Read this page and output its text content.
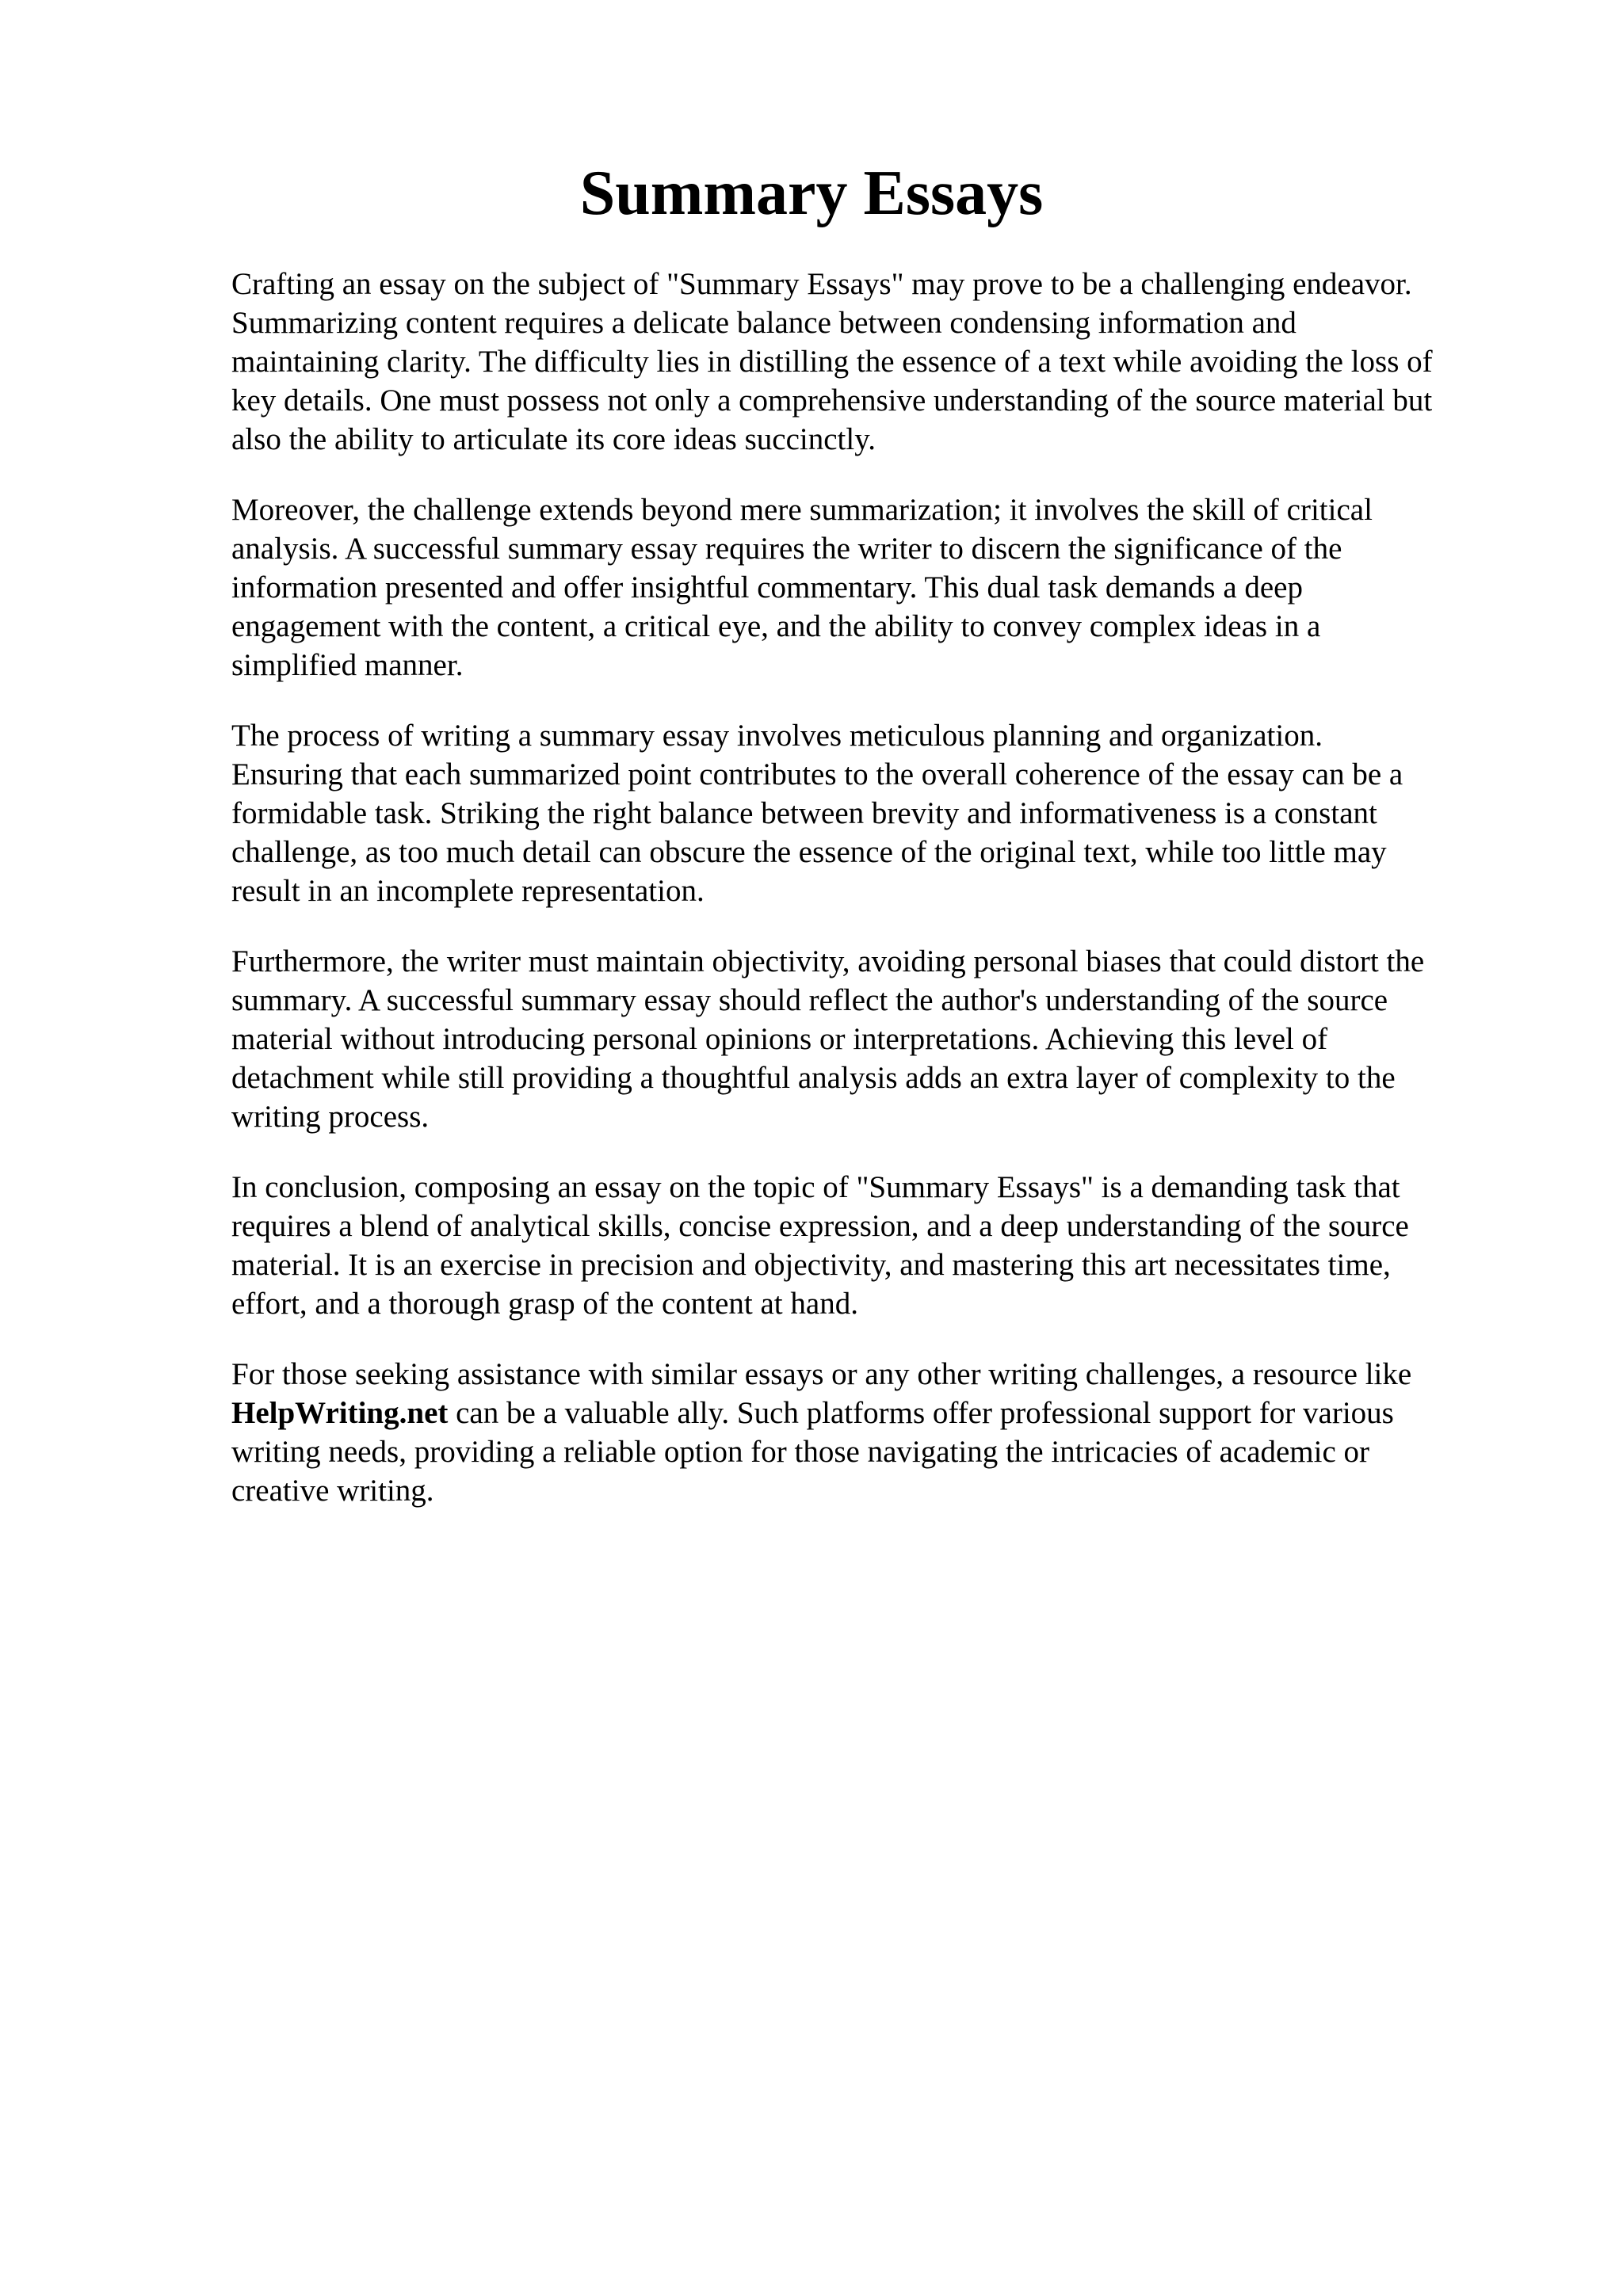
Summary Essays

Crafting an essay on the subject of "Summary Essays" may prove to be a challenging endeavor.
Summarizing content requires a delicate balance between condensing information and
maintaining clarity. The difficulty lies in distilling the essence of a text while avoiding the loss of
key details. One must possess not only a comprehensive understanding of the source material but
also the ability to articulate its core ideas succinctly.

Moreover, the challenge extends beyond mere summarization; it involves the skill of critical
analysis. A successful summary essay requires the writer to discern the significance of the
information presented and offer insightful commentary. This dual task demands a deep
engagement with the content, a critical eye, and the ability to convey complex ideas in a
simplified manner.

The process of writing a summary essay involves meticulous planning and organization.
Ensuring that each summarized point contributes to the overall coherence of the essay can be a
formidable task. Striking the right balance between brevity and informativeness is a constant
challenge, as too much detail can obscure the essence of the original text, while too little may
result in an incomplete representation.

Furthermore, the writer must maintain objectivity, avoiding personal biases that could distort the
summary. A successful summary essay should reflect the author's understanding of the source
material without introducing personal opinions or interpretations. Achieving this level of
detachment while still providing a thoughtful analysis adds an extra layer of complexity to the
writing process.

In conclusion, composing an essay on the topic of "Summary Essays" is a demanding task that
requires a blend of analytical skills, concise expression, and a deep understanding of the source
material. It is an exercise in precision and objectivity, and mastering this art necessitates time,
effort, and a thorough grasp of the content at hand.

For those seeking assistance with similar essays or any other writing challenges, a resource like
HelpWriting.net can be a valuable ally. Such platforms offer professional support for various
writing needs, providing a reliable option for those navigating the intricacies of academic or
creative writing.
